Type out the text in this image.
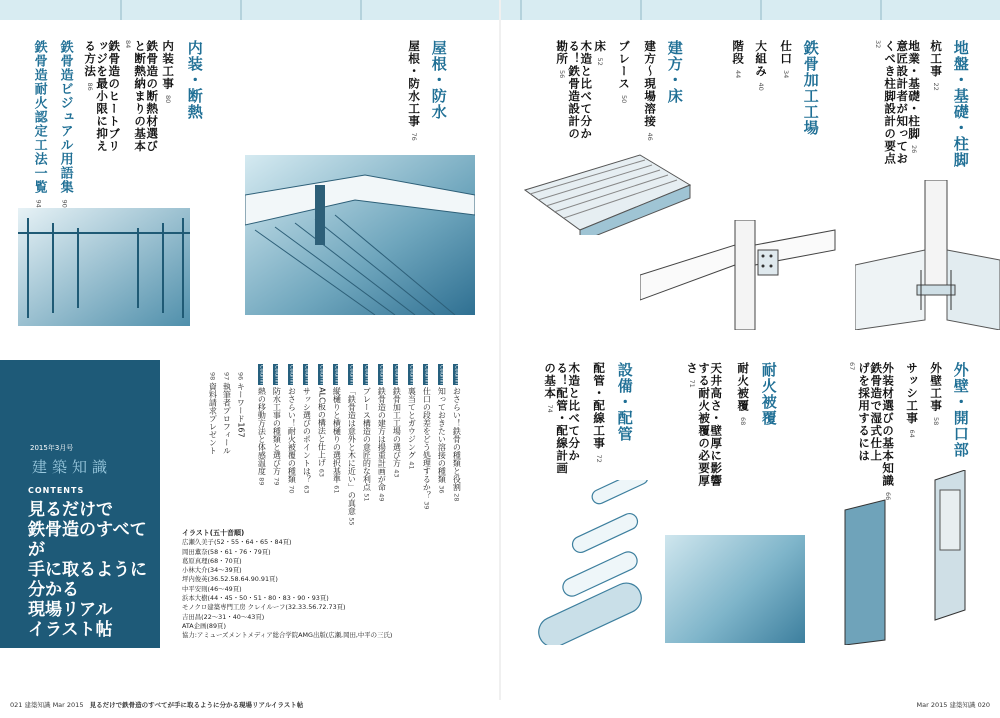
地盤・基礎・柱脚
杭工事 22
地業・基礎・柱脚 26
意匠設計者が知っておくべき柱脚設計の要点 32
鉄骨加工工場
仕口 34
大組み 40
階段 44
建方・床
建方〜現場溶接 46
ブレース 50
床 52
木造と比べて分かる！鉄骨造設計の勘所 56
外壁・開口部
外壁工事 58
サッシ工事 64
外装材選びの基本知識 66
鉄骨造で湿式仕上げを採用するには 67
耐火被覆
耐火被覆 68
天井高さ・壁厚に影響する耐火被覆の必要厚さ 71
設備・配管
配管・配線工事 72
木造と比べて分かる！配管・配線計画の基本 74
屋根・防水
屋根・防水工事 76
内装・断熱
内装工事 80
鉄骨造の断熱材選びと断熱納まりの基本 84
鉄骨造のヒートブリッジを最小限に抑える方法 86
鉄骨造ビジュアル用語集 90
鉄骨造耐火認定工法一覧 94
2015年3月号
建築知識
CONTENTS
見るだけで
鉄骨造のすべてが
手に取るように
分かる
現場リアル
イラスト帖
Columnおさらい！鉄骨の種類と役割 28
Column知っておきたい溶接の種類 36
Column仕口の段差をどう処理するか？ 39
Column裏当てとガウジング 41
Column鉄骨加工工場の選び方 43
Column鉄骨造の建方は揚重計画が命 49
Columnブレース構造の意匠的な利点 51
Column「鉄骨造は意外と木に近い」の真意 55
Column縦樋りと横樋りの選択基準 61
ColumnALC板の構法と仕上げ 63
Columnサッシ選びのポイントは？ 63
Columnおさらい！耐火被覆の種類 70
Column防水工事の種類と選び方 79
Column熱の移動方法と体感温度 89
96 キーワード167
97 執筆者プロフィール
98 資料請求プレゼント
イラスト(五十音順)
広瀬久美子(52・55・64・65・84頁)
岡田薫奈(58・61・76・79頁)
葛原真理(68・70頁)
小林大介(34〜39頁)
坪内俊英(36.52.58.64.90.91頁)
中平安則(46〜49頁)
浜本大樹(44・45・50・51・80・83・90・93頁)
モノクロ建築専門工房 クレイルーフ(32.33.56.72.73頁)
吉田昌(22〜31・40〜43頁)
ATA企画(89頁)
協力:アミューズメントメディア総合学院AMG出版(広瀬,岡田,中平の三氏)
021 建築知識 Mar 2015 見るだけで鉄骨造のすべてが手に取るように分かる現場リアルイラスト帖	Mar 2015 建築知識 020
